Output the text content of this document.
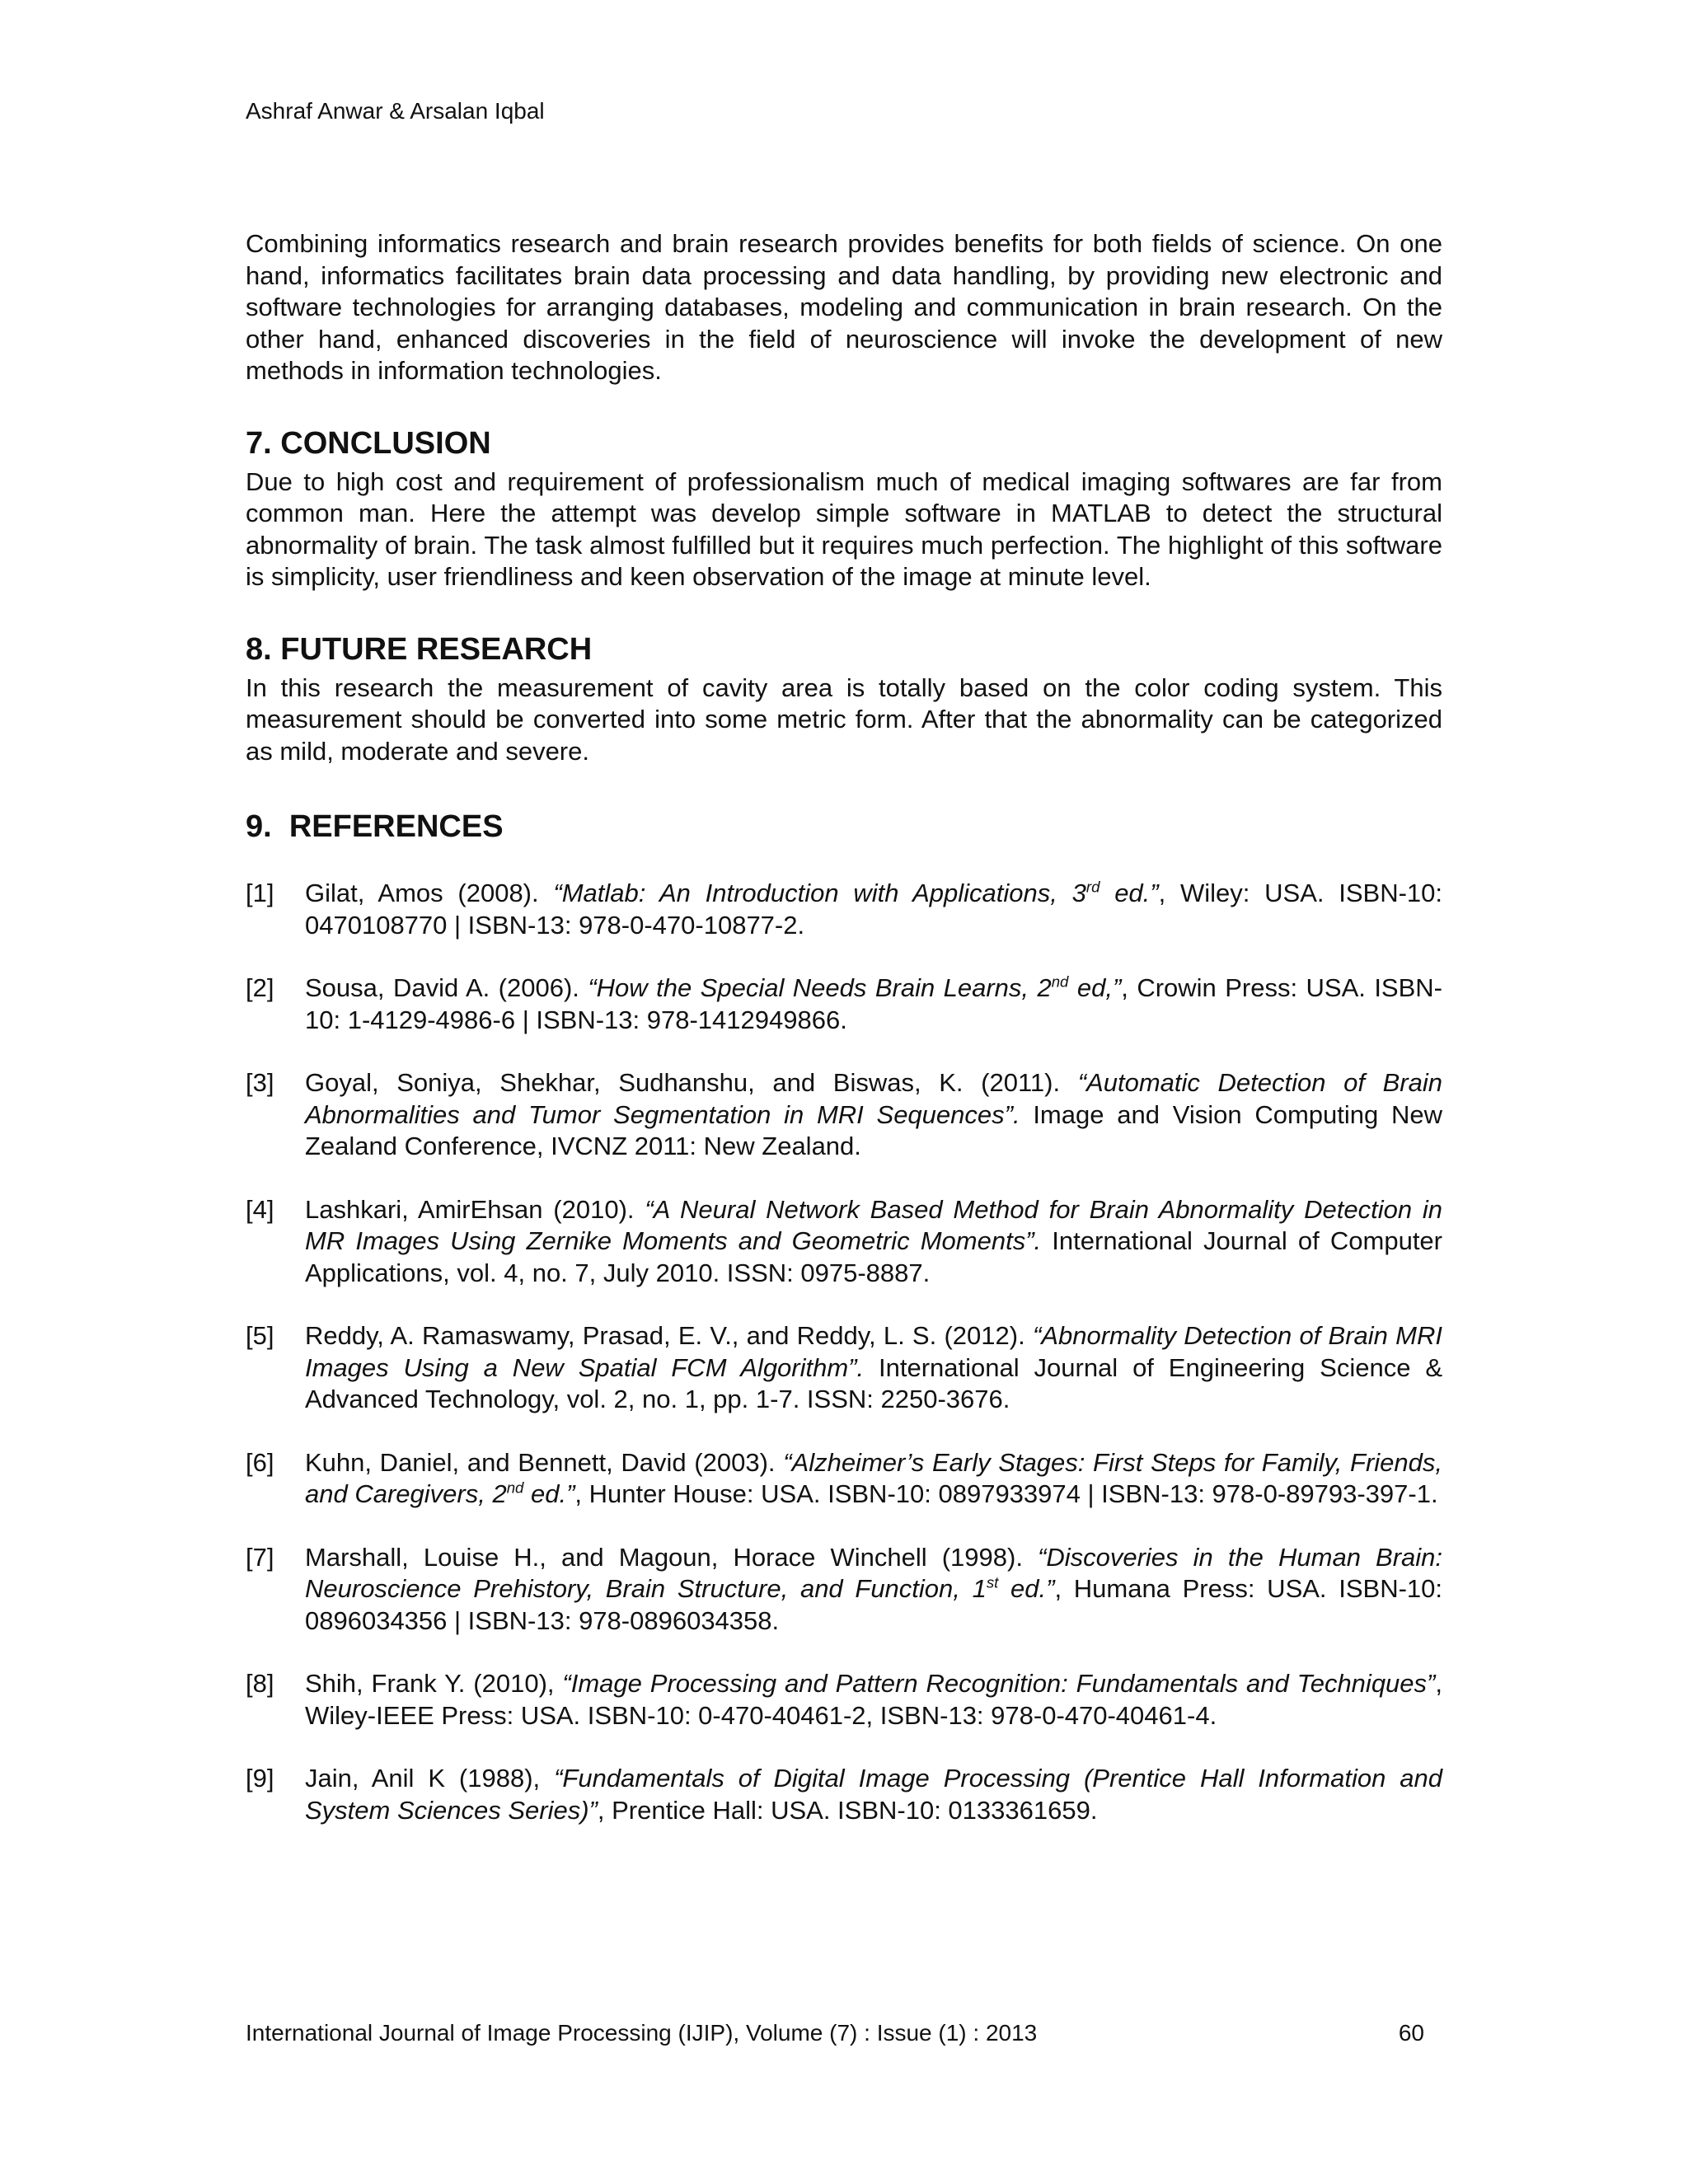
Ashraf Anwar & Arsalan Iqbal

Combining informatics research and brain research provides benefits for both fields of science. On one hand, informatics facilitates brain data processing and data handling, by providing new electronic and software technologies for arranging databases, modeling and communication in brain research. On the other hand, enhanced discoveries in the field of neuroscience will invoke the development of new methods in information technologies.

7. CONCLUSION

Due to high cost and requirement of professionalism much of medical imaging softwares are far from common man. Here the attempt was develop simple software in MATLAB to detect the structural abnormality of brain. The task almost fulfilled but it requires much perfection. The highlight of this software is simplicity, user friendliness and keen observation of the image at minute level.

8. FUTURE RESEARCH

In this research the measurement of cavity area is totally based on the color coding system. This measurement should be converted into some metric form. After that the abnormality can be categorized as mild, moderate and severe.

9. REFERENCES
[1]	Gilat, Amos (2008). “Matlab: An Introduction with Applications, 3rd ed.”, Wiley: USA. ISBN-10: 0470108770 | ISBN-13: 978-0-470-10877-2.
[2]	Sousa, David A. (2006). “How the Special Needs Brain Learns, 2nd ed,”, Crowin Press: USA. ISBN-10: 1-4129-4986-6 | ISBN-13: 978-1412949866.
[3]	Goyal, Soniya, Shekhar, Sudhanshu, and Biswas, K. (2011). “Automatic Detection of Brain Abnormalities and Tumor Segmentation in MRI Sequences”. Image and Vision Computing New Zealand Conference, IVCNZ 2011: New Zealand.
[4]	Lashkari, AmirEhsan (2010). “A Neural Network Based Method for Brain Abnormality Detection in MR Images Using Zernike Moments and Geometric Moments”. International Journal of Computer Applications, vol. 4, no. 7, July 2010. ISSN: 0975-8887.
[5]	Reddy, A. Ramaswamy, Prasad, E. V., and Reddy, L. S. (2012). “Abnormality Detection of Brain MRI Images Using a New Spatial FCM Algorithm”. International Journal of Engineering Science & Advanced Technology, vol. 2, no. 1, pp. 1-7. ISSN: 2250-3676.
[6]	Kuhn, Daniel, and Bennett, David (2003). “Alzheimer’s Early Stages: First Steps for Family, Friends, and Caregivers, 2nd ed.”, Hunter House: USA. ISBN-10: 0897933974 | ISBN-13: 978-0-89793-397-1.
[7]	Marshall, Louise H., and Magoun, Horace Winchell (1998). “Discoveries in the Human Brain: Neuroscience Prehistory, Brain Structure, and Function, 1st ed.”, Humana Press: USA. ISBN-10: 0896034356 | ISBN-13: 978-0896034358.
[8]	Shih, Frank Y. (2010), “Image Processing and Pattern Recognition: Fundamentals and Techniques”, Wiley-IEEE Press: USA. ISBN-10: 0-470-40461-2, ISBN-13: 978-0-470-40461-4.
[9]	Jain, Anil K (1988), “Fundamentals of Digital Image Processing (Prentice Hall Information and System Sciences Series)”, Prentice Hall: USA. ISBN-10: 0133361659.
International Journal of Image Processing (IJIP), Volume (7) : Issue (1) : 2013	60
